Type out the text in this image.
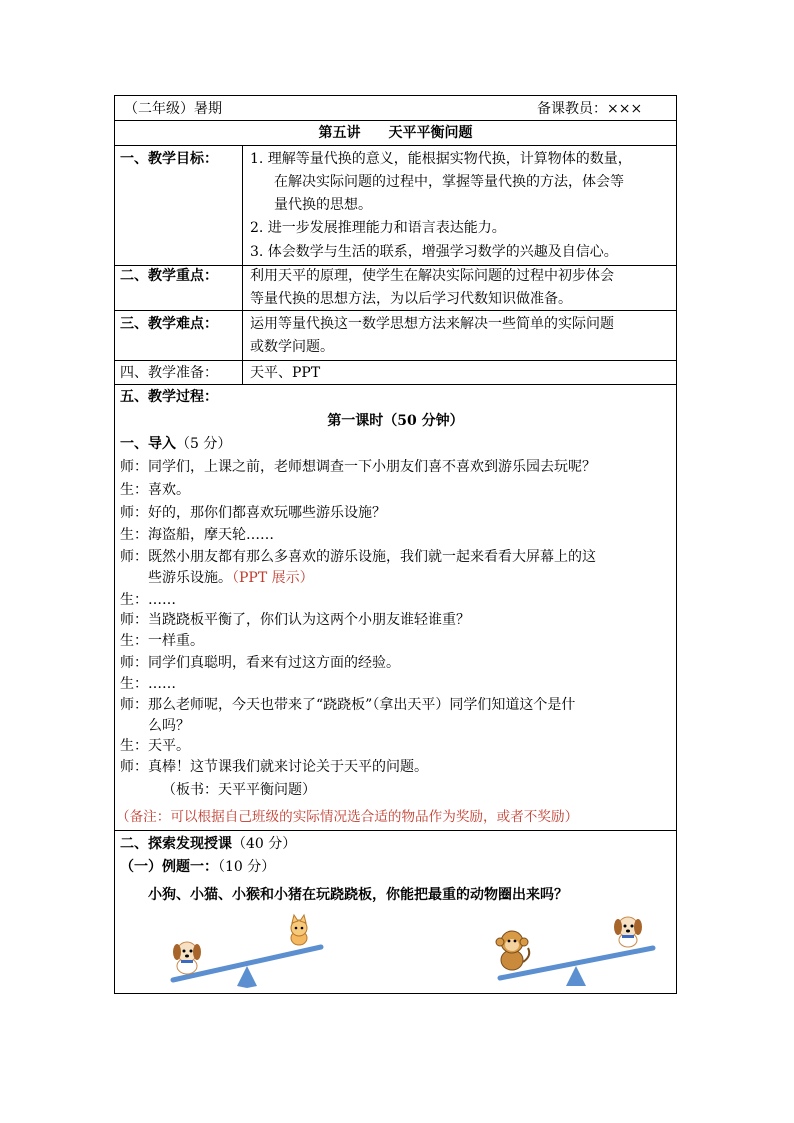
（二年级）暑期	备课教员：×××
第五讲　　天平平衡问题
一、教学目标： 1. 理解等量代换的意义，能根据实物代换，计算物体的数量，
在解决实际问题的过程中，掌握等量代换的方法，体会等
量代换的思想。
2. 进一步发展推理能力和语言表达能力。
3. 体会数学与生活的联系，增强学习数学的兴趣及自信心。
二、教学重点： 利用天平的原理，使学生在解决实际问题的过程中初步体会
等量代换的思想方法，为以后学习代数知识做准备。
三、教学难点： 运用等量代换这一数学思想方法来解决一些简单的实际问题
或数学问题。
四、教学准备： 天平、PPT
五、教学过程：
第一课时（50 分钟）
一、导入（5 分）
师：同学们，上课之前，老师想调查一下小朋友们喜不喜欢到游乐园去玩呢？
生：喜欢。
师：好的，那你们都喜欢玩哪些游乐设施？
生：海盗船，摩天轮……
师：既然小朋友都有那么多喜欢的游乐设施，我们就一起来看看大屏幕上的这
些游乐设施。（PPT 展示）
生：……
师：当跷跷板平衡了，你们认为这两个小朋友谁轻谁重？
生：一样重。
师：同学们真聪明，看来有过这方面的经验。
生：……
师：那么老师呢，今天也带来了“跷跷板”（拿出天平）同学们知道这个是什
么吗？
生：天平。
师：真棒！这节课我们就来讨论关于天平的问题。
（板书：天平平衡问题）
（备注：可以根据自己班级的实际情况选合适的物品作为奖励，或者不奖励）
二、探索发现授课（40 分）
（一）例题一：（10 分）
小狗、小猫、小猴和小猪在玩跷跷板，你能把最重的动物圈出来吗？
